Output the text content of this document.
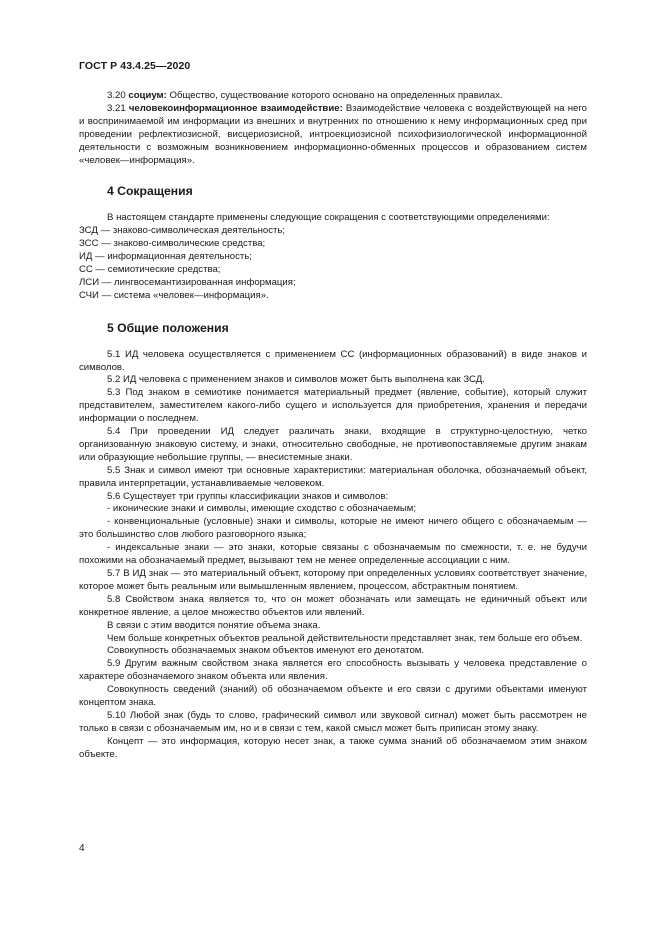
ГОСТ Р 43.4.25—2020

3.20 социум: Общество, существование которого основано на определенных правилах.

3.21 человекоинформационное взаимодействие: Взаимодействие человека с воздействующей на него и воспринимаемой им информации из внешних и внутренних по отношению к нему информационных сред при проведении рефлектиозисной, висцериозисной, интроекциозисной психофизиологической информационной деятельности с возможным возникновением информационно-обменных процессов и образованием систем «человек—информация».

4 Сокращения

В настоящем стандарте применены следующие сокращения с соответствующими определениями:

ЗСД — знаково-символическая деятельность;

ЗСС — знаково-символические средства;

ИД — информационная деятельность;

СС — семиотические средства;

ЛСИ — лингвосемантизированная информация;

СЧИ — система «человек—информация».

5 Общие положения

5.1 ИД человека осуществляется с применением СС (информационных образований) в виде знаков и символов.

5.2 ИД человека с применением знаков и символов может быть выполнена как ЗСД.

5.3 Под знаком в семиотике понимается материальный предмет (явление, событие), который служит представителем, заместителем какого-либо сущего и используется для приобретения, хранения и передачи информации о последнем.

5.4 При проведении ИД следует различать знаки, входящие в структурно-целостную, четко организованную знаковую систему, и знаки, относительно свободные, не противопоставляемые другим знакам или образующие небольшие группы, — внесистемные знаки.

5.5 Знак и символ имеют три основные характеристики: материальная оболочка, обозначаемый объект, правила интерпретации, устанавливаемые человеком.

5.6 Существует три группы классификации знаков и символов:

- иконические знаки и символы, имеющие сходство с обозначаемым;

- конвенциональные (условные) знаки и символы, которые не имеют ничего общего с обозначаемым — это большинство слов любого разговорного языка;

- индексальные знаки — это знаки, которые связаны с обозначаемым по смежности, т. е. не будучи похожими на обозначаемый предмет, вызывают тем не менее определенные ассоциации с ним.

5.7 В ИД знак — это материальный объект, которому при определенных условиях соответствует значение, которое может быть реальным или вымышленным явлением, процессом, абстрактным понятием.

5.8 Свойством знака является то, что он может обозначать или замещать не единичный объект или конкретное явление, а целое множество объектов или явлений.

В связи с этим вводится понятие объема знака.

Чем больше конкретных объектов реальной действительности представляет знак, тем больше его объем.

Совокупность обозначаемых знаком объектов именуют его денотатом.

5.9 Другим важным свойством знака является его способность вызывать у человека представление о характере обозначаемого знаком объекта или явления.

Совокупность сведений (знаний) об обозначаемом объекте и его связи с другими объектами именуют концептом знака.

5.10 Любой знак (будь то слово, графический символ или звуковой сигнал) может быть рассмотрен не только в связи с обозначаемым им, но и в связи с тем, какой смысл может быть приписан этому знаку.

Концепт — это информация, которую несет знак, а также сумма знаний об обозначаемом этим знаком объекте.

4
